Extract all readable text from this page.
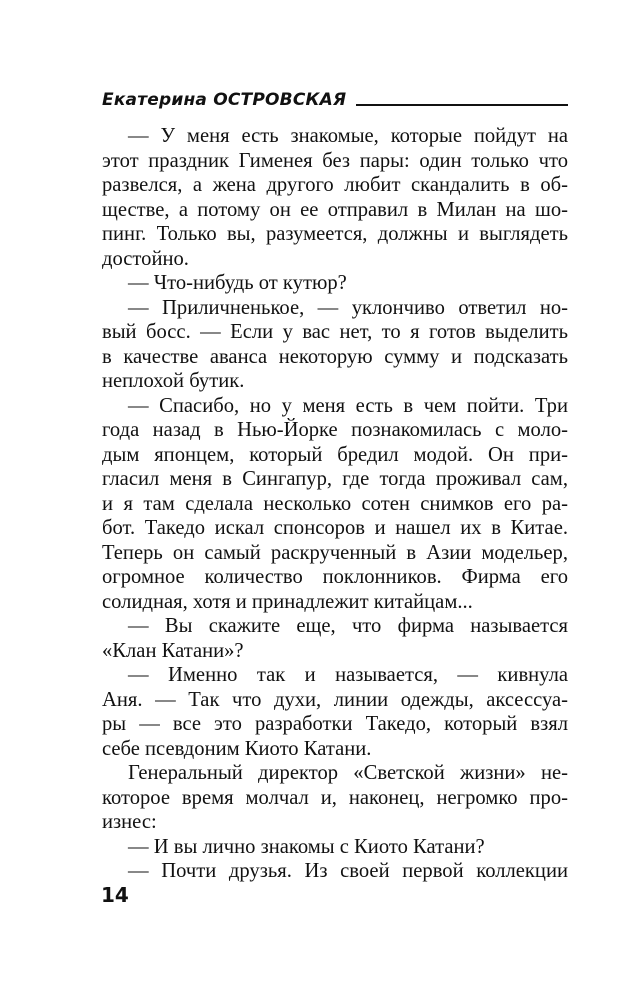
Екатерина ОСТРОВСКАЯ
— У меня есть знакомые, которые пойдут на
этот праздник Гименея без пары: один только что
развелся, а жена другого любит скандалить в об-
ществе, а потому он ее отправил в Милан на шо-
пинг. Только вы, разумеется, должны и выглядеть
достойно.
— Что-нибудь от кутюр?
— Приличненькое, — уклончиво ответил но-
вый босс. — Если у вас нет, то я готов выделить
в качестве аванса некоторую сумму и подсказать
неплохой бутик.
— Спасибо, но у меня есть в чем пойти. Три
года назад в Нью-Йорке познакомилась с моло-
дым японцем, который бредил модой. Он при-
гласил меня в Сингапур, где тогда проживал сам,
и я там сделала несколько сотен снимков его ра-
бот. Такедо искал спонсоров и нашел их в Китае.
Теперь он самый раскрученный в Азии модельер,
огромное количество поклонников. Фирма его
солидная, хотя и принадлежит китайцам...
— Вы скажите еще, что фирма называется
«Клан Катани»?
— Именно так и называется, — кивнула
Аня. — Так что духи, линии одежды, аксессуа-
ры — все это разработки Такедо, который взял
себе псевдоним Киото Катани.
Генеральный директор «Светской жизни» не-
которое время молчал и, наконец, негромко про-
изнес:
— И вы лично знакомы с Киото Катани?
— Почти друзья. Из своей первой коллекции
14
